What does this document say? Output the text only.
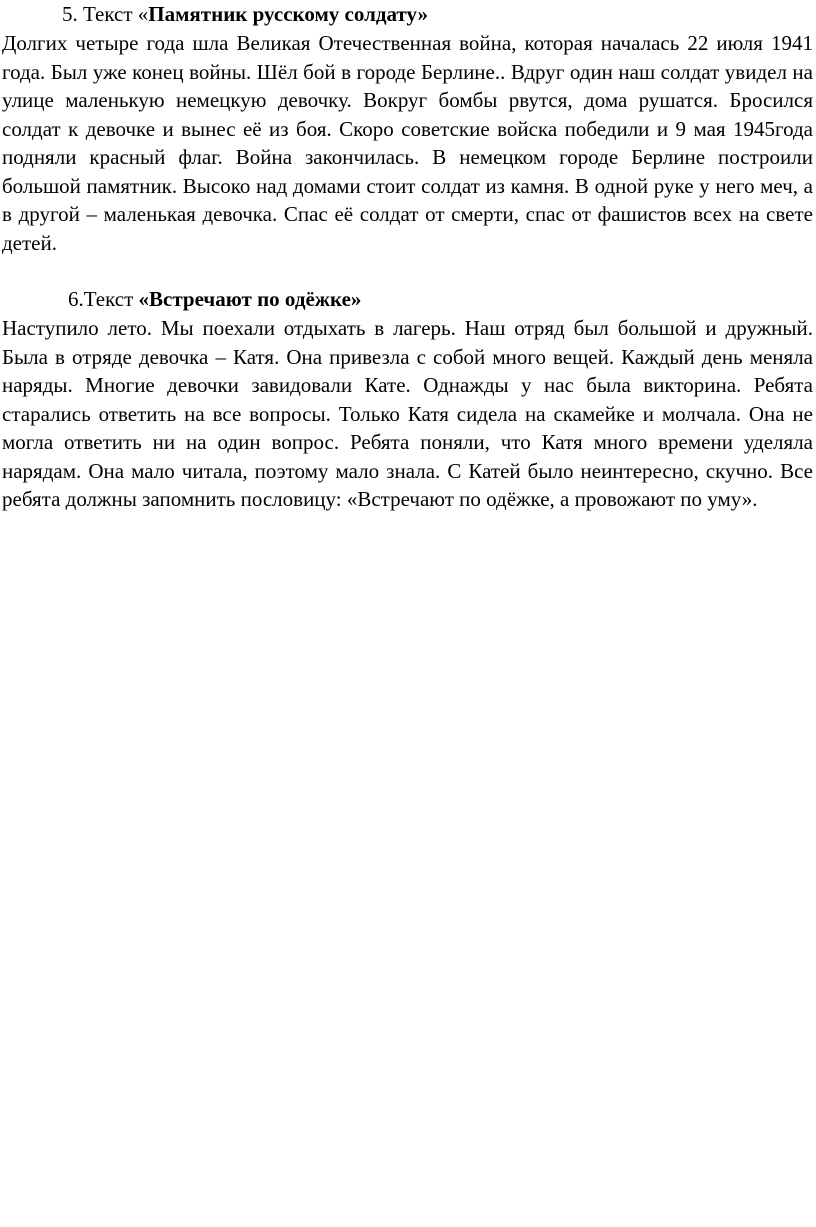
5. Текст «Памятник русскому солдату»

Долгих четыре года шла Великая Отечественная война, которая началась 22 июля 1941 года. Был уже конец войны. Шёл бой в городе Берлине.. Вдруг один наш солдат увидел на улице маленькую немецкую девочку. Вокруг бомбы рвутся, дома рушатся. Бросился солдат к девочке и вынес её из боя. Скоро советские войска победили и 9 мая 1945года подняли красный флаг. Война закончилась. В немецком городе Берлине построили большой памятник. Высоко над домами стоит солдат из камня. В одной руке у него меч, а в другой – маленькая девочка. Спас её солдат от смерти, спас от фашистов всех на свете детей.

6.Текст «Встречают по одёжке»

Наступило лето. Мы поехали отдыхать в лагерь. Наш отряд был большой и дружный. Была в отряде девочка – Катя. Она привезла с собой много вещей. Каждый день меняла наряды. Многие девочки завидовали Кате. Однажды у нас была викторина. Ребята старались ответить на все вопросы. Только Катя сидела на скамейке и молчала. Она не могла ответить ни на один вопрос. Ребята поняли, что Катя много времени уделяла нарядам. Она мало читала, поэтому мало знала. С Катей было неинтересно, скучно. Все ребята должны запомнить пословицу: «Встречают по одёжке, а провожают по уму».
